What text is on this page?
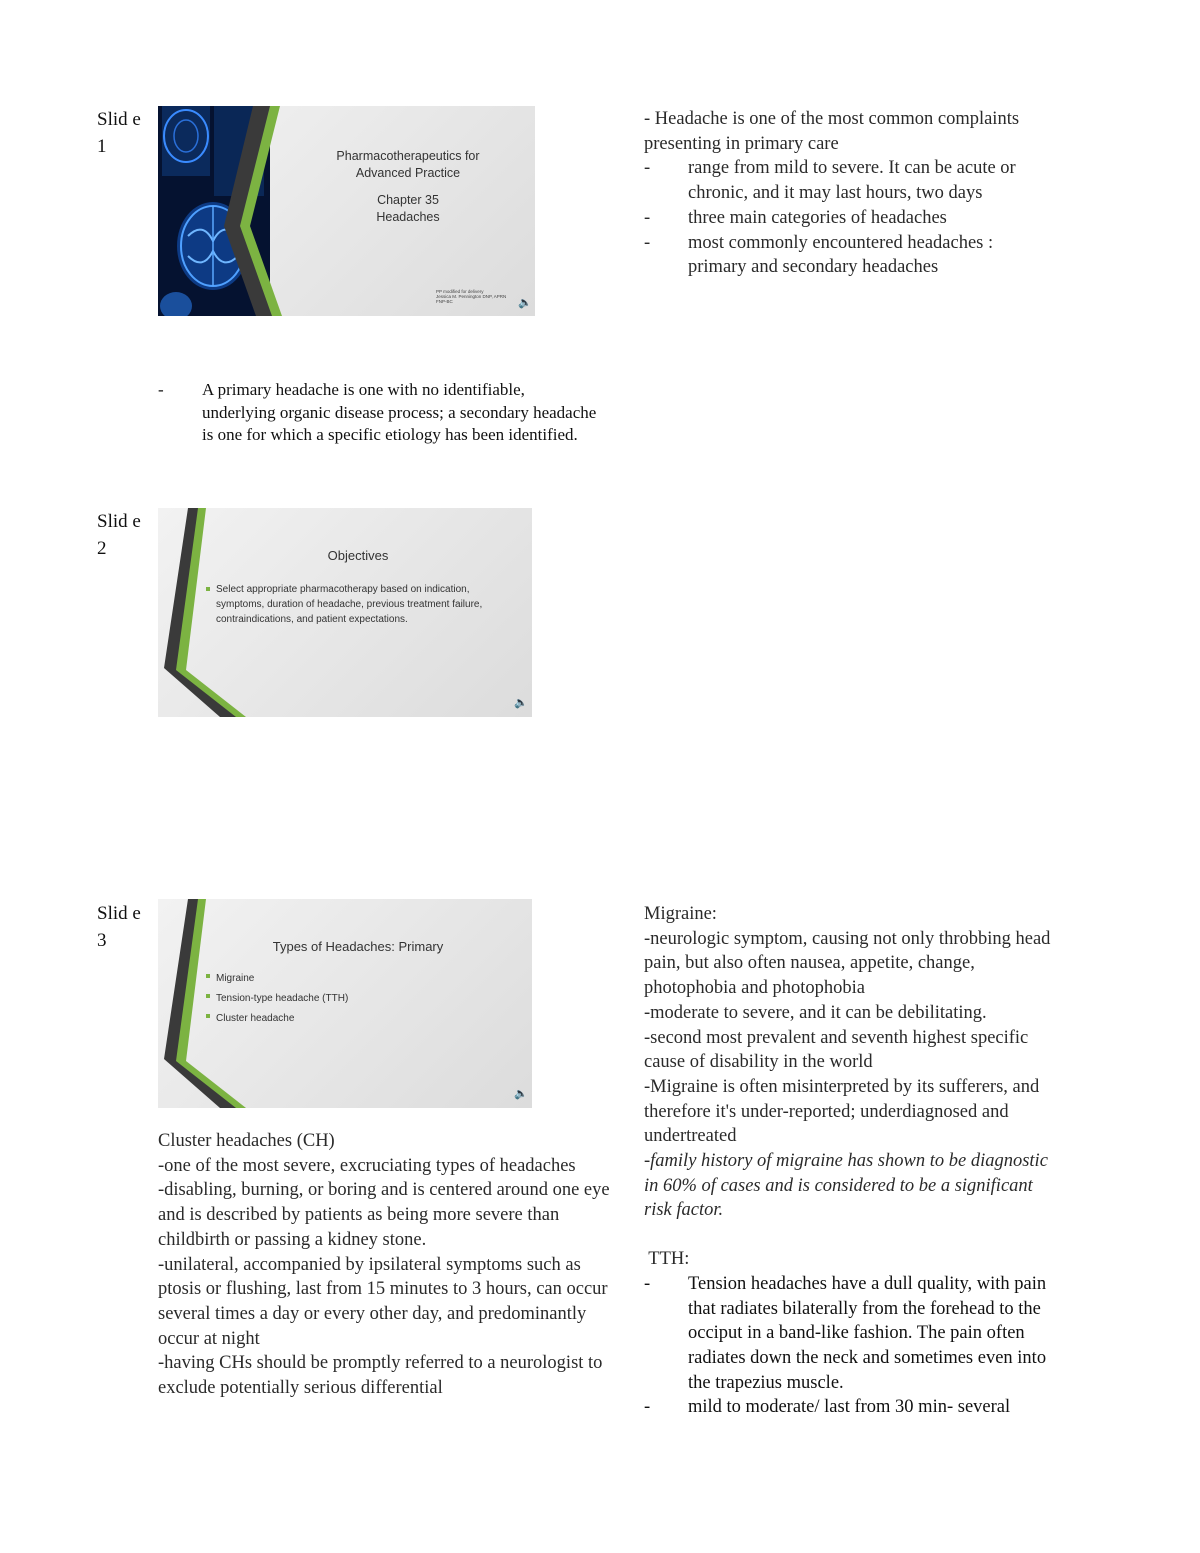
Slid e 1	Pharmacotherapeutics for
Advanced Practice
Chapter 35
Headaches
PP modified for delivery
Jessica M. Pennington DNP, APRN
FNP-BC	🔈
- Headache is one of the most common complaints presenting in primary care
- range from mild to severe. It can be acute or chronic, and it may last hours, two days
- three main categories of headaches
- most commonly encountered headaches : primary and secondary headaches
- A primary headache is one with no identifiable, underlying organic disease process; a secondary headache is one for which a specific etiology has been identified.
Slid e 2	Objectives
Select appropriate pharmacotherapy based on indication, symptoms, duration of headache, previous treatment failure, contraindications, and patient expectations.
🔈
Slid e 3	Types of Headaches: Primary
Migraine
Tension-type headache (TTH)
Cluster headache
🔈
Cluster headaches (CH)
-one of the most severe, excruciating types of headaches
-disabling, burning, or boring and is centered around one eye and is described by patients as being more severe than childbirth or passing a kidney stone.
-unilateral, accompanied by ipsilateral symptoms such as ptosis or flushing, last from 15 minutes to 3 hours, can occur several times a day or every other day, and predominantly occur at night
-having CHs should be promptly referred to a neurologist to exclude potentially serious differential
Migraine:
-neurologic symptom, causing not only throbbing head pain, but also often nausea, appetite, change, photophobia and photophobia
-moderate to severe, and it can be debilitating.
-second most prevalent and seventh highest specific cause of disability in the world
-Migraine is often misinterpreted by its sufferers, and therefore it's under-reported; underdiagnosed and undertreated
-family history of migraine has shown to be diagnostic in 60% of cases and is considered to be a significant risk factor.
TTH:
- Tension headaches have a dull quality, with pain that radiates bilaterally from the forehead to the occiput in a band-like fashion. The pain often radiates down the neck and sometimes even into the trapezius muscle.
- mild to moderate/ last from 30 min- several
